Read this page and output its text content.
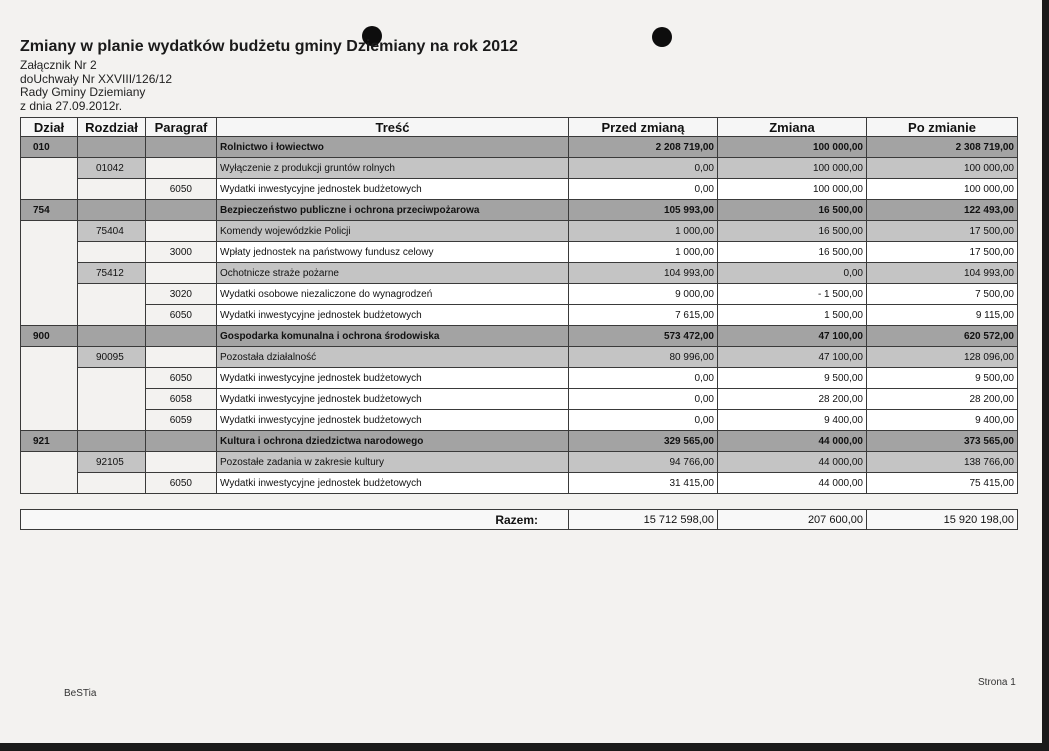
Zmiany w planie wydatków budżetu gminy Dziemiany na rok 2012
Załącznik Nr 2
doUchwały Nr XXVIII/126/12
Rady Gminy Dziemiany
z dnia 27.09.2012r.
Dział	Rozdział	Paragraf	Treść	Przed zmianą	Zmiana	Po zmianie
010			Rolnictwo i łowiectwo	2 208 719,00	100 000,00	2 308 719,00
	01042		Wyłączenie z produkcji gruntów rolnych	0,00	100 000,00	100 000,00
		6050	Wydatki inwestycyjne jednostek budżetowych	0,00	100 000,00	100 000,00
754			Bezpieczeństwo publiczne i ochrona przeciwpożarowa	105 993,00	16 500,00	122 493,00
	75404		Komendy wojewódzkie Policji	1 000,00	16 500,00	17 500,00
		3000	Wpłaty jednostek na państwowy fundusz celowy	1 000,00	16 500,00	17 500,00
	75412		Ochotnicze straże pożarne	104 993,00	0,00	104 993,00
		3020	Wydatki osobowe niezaliczone do wynagrodzeń	9 000,00	- 1 500,00	7 500,00
		6050	Wydatki inwestycyjne jednostek budżetowych	7 615,00	1 500,00	9 115,00
900			Gospodarka komunalna i ochrona środowiska	573 472,00	47 100,00	620 572,00
	90095		Pozostała działalność	80 996,00	47 100,00	128 096,00
		6050	Wydatki inwestycyjne jednostek budżetowych	0,00	9 500,00	9 500,00
		6058	Wydatki inwestycyjne jednostek budżetowych	0,00	28 200,00	28 200,00
		6059	Wydatki inwestycyjne jednostek budżetowych	0,00	9 400,00	9 400,00
921			Kultura i ochrona dziedzictwa narodowego	329 565,00	44 000,00	373 565,00
	92105		Pozostałe zadania w zakresie kultury	94 766,00	44 000,00	138 766,00
		6050	Wydatki inwestycyjne jednostek budżetowych	31 415,00	44 000,00	75 415,00
Razem:	15 712 598,00	207 600,00	15 920 198,00
BeSTia
Strona 1
